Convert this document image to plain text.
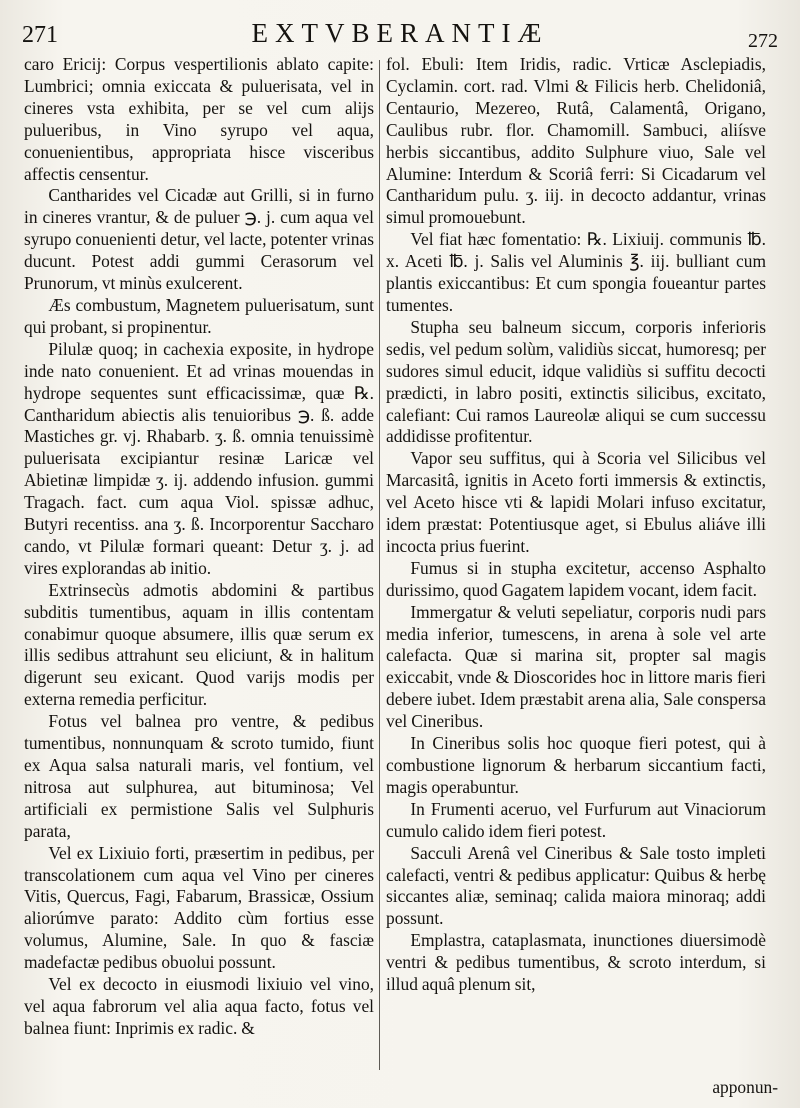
271	EXTVBERANTIÆ	272

caro Ericij: Corpus vespertilionis ablato capite: Lumbrici; omnia exiccata & puluerisata, vel in cineres vsta exhibita, per se vel cum alijs pulueribus, in Vino syrupo vel aqua, conuenientibus, appropriata hisce visceribus affectis censentur.

Cantharides vel Cicadæ aut Grilli, si in furno in cineres vrantur, & de puluer ℈. j. cum aqua vel syrupo conuenienti detur, vel lacte, potenter vrinas ducunt. Potest addi gummi Cerasorum vel Prunorum, vt minùs exulcerent.

Æs combustum, Magnetem puluerisatum, sunt qui probant, si propinentur.

Pilulæ quoq; in cachexia exposite, in hydrope inde nato conuenient. Et ad vrinas mouendas in hydrope sequentes sunt efficacissimæ, quæ ℞. Cantharidum abiectis alis tenuioribus ℈. ß. adde Mastiches gr. vj. Rhabarb. ʒ. ß. omnia tenuissimè puluerisata excipiantur resinæ Laricæ vel Abietinæ limpidæ ʒ. ij. addendo infusion. gummi Tragach. fact. cum aqua Viol. spissæ adhuc, Butyri recentiss. ana ʒ. ß. Incorporentur Saccharo cando, vt Pilulæ formari queant: Detur ʒ. j. ad vires explorandas ab initio.

Extrinsecùs admotis abdomini & partibus subditis tumentibus, aquam in illis contentam conabimur quoque absumere, illis quæ serum ex illis sedibus attrahunt seu eliciunt, & in halitum digerunt seu exicant. Quod varijs modis per externa remedia perficitur.

Fotus vel balnea pro ventre, & pedibus tumentibus, nonnunquam & scroto tumido, fiunt ex Aqua salsa naturali maris, vel fontium, vel nitrosa aut sulphurea, aut bituminosa; Vel artificiali ex permistione Salis vel Sulphuris parata,

Vel ex Lixiuio forti, præsertim in pedibus, per transcolationem cum aqua vel Vino per cineres Vitis, Quercus, Fagi, Fabarum, Brassicæ, Ossium aliorúmve parato: Addito cùm fortius esse volumus, Alumine, Sale. In quo & fasciæ madefactæ pedibus obuolui possunt.

Vel ex decocto in eiusmodi lixiuio vel vino, vel aqua fabrorum vel alia aqua facto, fotus vel balnea fiunt: Inprimis ex radic. &

fol. Ebuli: Item Iridis, radic. Vrticæ Asclepiadis, Cyclamin. cort. rad. Vlmi & Filicis herb. Chelidoniâ, Centaurio, Mezereo, Rutâ, Calamentâ, Origano, Caulibus rubr. flor. Chamomill. Sambuci, aliísve herbis siccantibus, addito Sulphure viuo, Sale vel Alumine: Interdum & Scoriâ ferri: Si Cicadarum vel Cantharidum pulu. ʒ. iij. in decocto addantur, vrinas simul promouebunt.

Vel fiat hæc fomentatio: ℞. Lixiuij. communis ℔. x. Aceti ℔. j. Salis vel Aluminis ℥. iij. bulliant cum plantis exiccantibus: Et cum spongia foueantur partes tumentes.

Stupha seu balneum siccum, corporis inferioris sedis, vel pedum solùm, validiùs siccat, humoresq; per sudores simul educit, idque validiùs si suffitu decocti prædicti, in labro positi, extinctis silicibus, excitato, calefiant: Cui ramos Laureolæ aliqui se cum successu addidisse profitentur.

Vapor seu suffitus, qui à Scoria vel Silicibus vel Marcasitâ, ignitis in Aceto forti immersis & extinctis, vel Aceto hisce vti & lapidi Molari infuso excitatur, idem præstat: Potentiusque aget, si Ebulus aliáve illi incocta prius fuerint.

Fumus si in stupha excitetur, accenso Asphalto durissimo, quod Gagatem lapidem vocant, idem facit.

Immergatur & veluti sepeliatur, corporis nudi pars media inferior, tumescens, in arena à sole vel arte calefacta. Quæ si marina sit, propter sal magis exiccabit, vnde & Dioscorides hoc in littore maris fieri debere iubet. Idem præstabit arena alia, Sale conspersa vel Cineribus.

In Cineribus solis hoc quoque fieri potest, qui à combustione lignorum & herbarum siccantium facti, magis operabuntur.

In Frumenti aceruo, vel Furfurum aut Vinaciorum cumulo calido idem fieri potest.

Sacculi Arenâ vel Cineribus & Sale tosto impleti calefacti, ventri & pedibus applicatur: Quibus & herbę siccantes aliæ, seminaq; calida maiora minoraq; addi possunt.

Emplastra, cataplasmata, inunctiones diuersimodè ventri & pedibus tumentibus, & scroto interdum, si illud aquâ plenum sit,

apponun-
